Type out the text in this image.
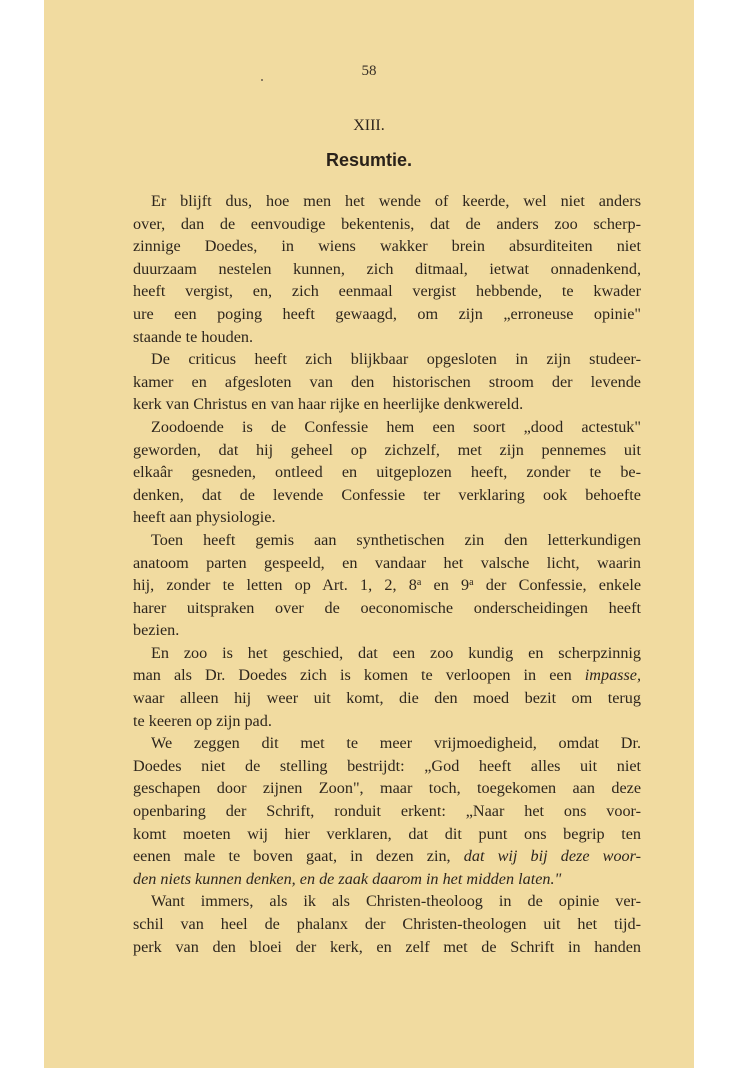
58
XIII.
Resumtie.
Er blijft dus, hoe men het wende of keerde, wel niet anders
over, dan de eenvoudige bekentenis, dat de anders zoo scherp-
zinnige Doedes, in wiens wakker brein absurditeiten niet
duurzaam nestelen kunnen, zich ditmaal, ietwat onnadenkend,
heeft vergist, en, zich eenmaal vergist hebbende, te kwader
ure een poging heeft gewaagd, om zijn „erroneuse opinie"
staande te houden.
De criticus heeft zich blijkbaar opgesloten in zijn studeer-
kamer en afgesloten van den historischen stroom der levende
kerk van Christus en van haar rijke en heerlijke denkwereld.
Zoodoende is de Confessie hem een soort „dood actestuk"
geworden, dat hij geheel op zichzelf, met zijn pennemes uit
elkaâr gesneden, ontleed en uitgeplozen heeft, zonder te be-
denken, dat de levende Confessie ter verklaring ook behoefte
heeft aan physiologie.
Toen heeft gemis aan synthetischen zin den letterkundigen
anatoom parten gespeeld, en vandaar het valsche licht, waarin
hij, zonder te letten op Art. 1, 2, 8$^a$ en 9$^a$ der Confessie, enkele
harer uitspraken over de oeconomische onderscheidingen heeft
bezien.
En zoo is het geschied, dat een zoo kundig en scherpzinnig
man als Dr. Doedes zich is komen te verloopen in een impasse,
waar alleen hij weer uit komt, die den moed bezit om terug
te keeren op zijn pad.
We zeggen dit met te meer vrijmoedigheid, omdat Dr.
Doedes niet de stelling bestrijdt: „God heeft alles uit niet
geschapen door zijnen Zoon", maar toch, toegekomen aan deze
openbaring der Schrift, ronduit erkent: „Naar het ons voor-
komt moeten wij hier verklaren, dat dit punt ons begrip ten
eenen male te boven gaat, in dezen zin, dat wij bij deze woor-
den niets kunnen denken, en de zaak daarom in het midden laten."
Want immers, als ik als Christen-theoloog in de opinie ver-
schil van heel de phalanx der Christen-theologen uit het tijd-
perk van den bloei der kerk, en zelf met de Schrift in handen
